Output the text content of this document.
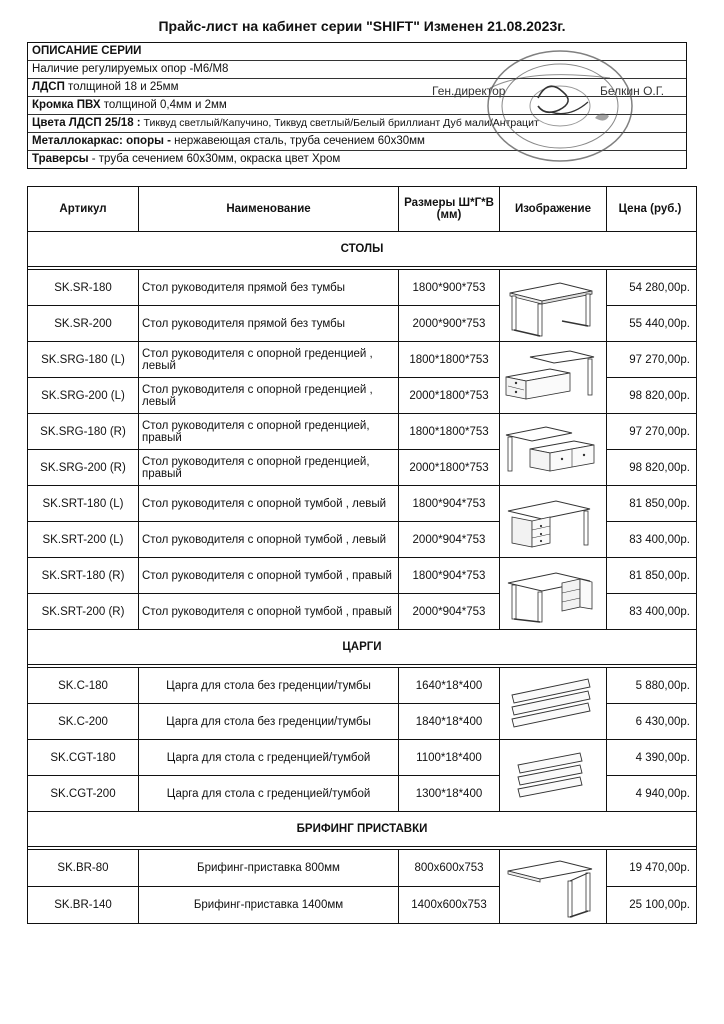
Прайс-лист на кабинет серии "SHIFT" Изменен 21.08.2023г.
ОПИСАНИЕ СЕРИИ
Наличие регулируемых опор -М6/М8
ЛДСП толщиной 18 и 25мм
Кромка ПВХ толщиной 0,4мм и 2мм
Цвета ЛДСП 25/18 : Тиквуд светлый/Капучино, Тиквуд светлый/Белый бриллиант Дуб мали/Антрацит
Металлокаркас: опоры - нержавеющая сталь, труба сечением 60х30мм
Траверсы - труба сечением 60х30мм, окраска цвет Хром
Ген.директор	Белкин О.Г.
Артикул	Наименование	Размеры Ш*Г*В (мм)	Изображение	Цена (руб.)
СТОЛЫ				

SK.SR-180	Стол руководителя прямой без тумбы	1800*900*753		54 280,00р.
SK.SR-200	Стол руководителя прямой без тумбы	2000*900*753		55 440,00р.
SK.SRG-180 (L)	Стол руководителя с опорной греденцией , левый	1800*1800*753		97 270,00р.
SK.SRG-200 (L)	Стол руководителя с опорной греденцией , левый	2000*1800*753		98 820,00р.
SK.SRG-180 (R)	Стол руководителя с опорной греденцией, правый	1800*1800*753		97 270,00р.
SK.SRG-200 (R)	Стол руководителя с опорной греденцией, правый	2000*1800*753		98 820,00р.
SK.SRT-180 (L)	Стол руководителя с опорной тумбой , левый	1800*904*753		81 850,00р.
SK.SRT-200 (L)	Стол руководителя с опорной тумбой , левый	2000*904*753		83 400,00р.
SK.SRT-180 (R)	Стол руководителя с опорной тумбой , правый	1800*904*753		81 850,00р.
SK.SRT-200 (R)	Стол руководителя с опорной тумбой , правый	2000*904*753		83 400,00р.
ЦАРГИ				

SK.C-180	Царга для стола без греденции/тумбы	1640*18*400		5 880,00р.
SK.C-200	Царга для стола без греденции/тумбы	1840*18*400		6 430,00р.
SK.CGT-180	Царга для стола с греденцией/тумбой	1100*18*400		4 390,00р.
SK.CGT-200	Царга для стола с греденцией/тумбой	1300*18*400		4 940,00р.
БРИФИНГ ПРИСТАВКИ				

SK.BR-80	Брифинг-приставка 800мм	800х600х753		19 470,00р.
SK.BR-140	Брифинг-приставка 1400мм	1400х600х753		25 100,00р.
